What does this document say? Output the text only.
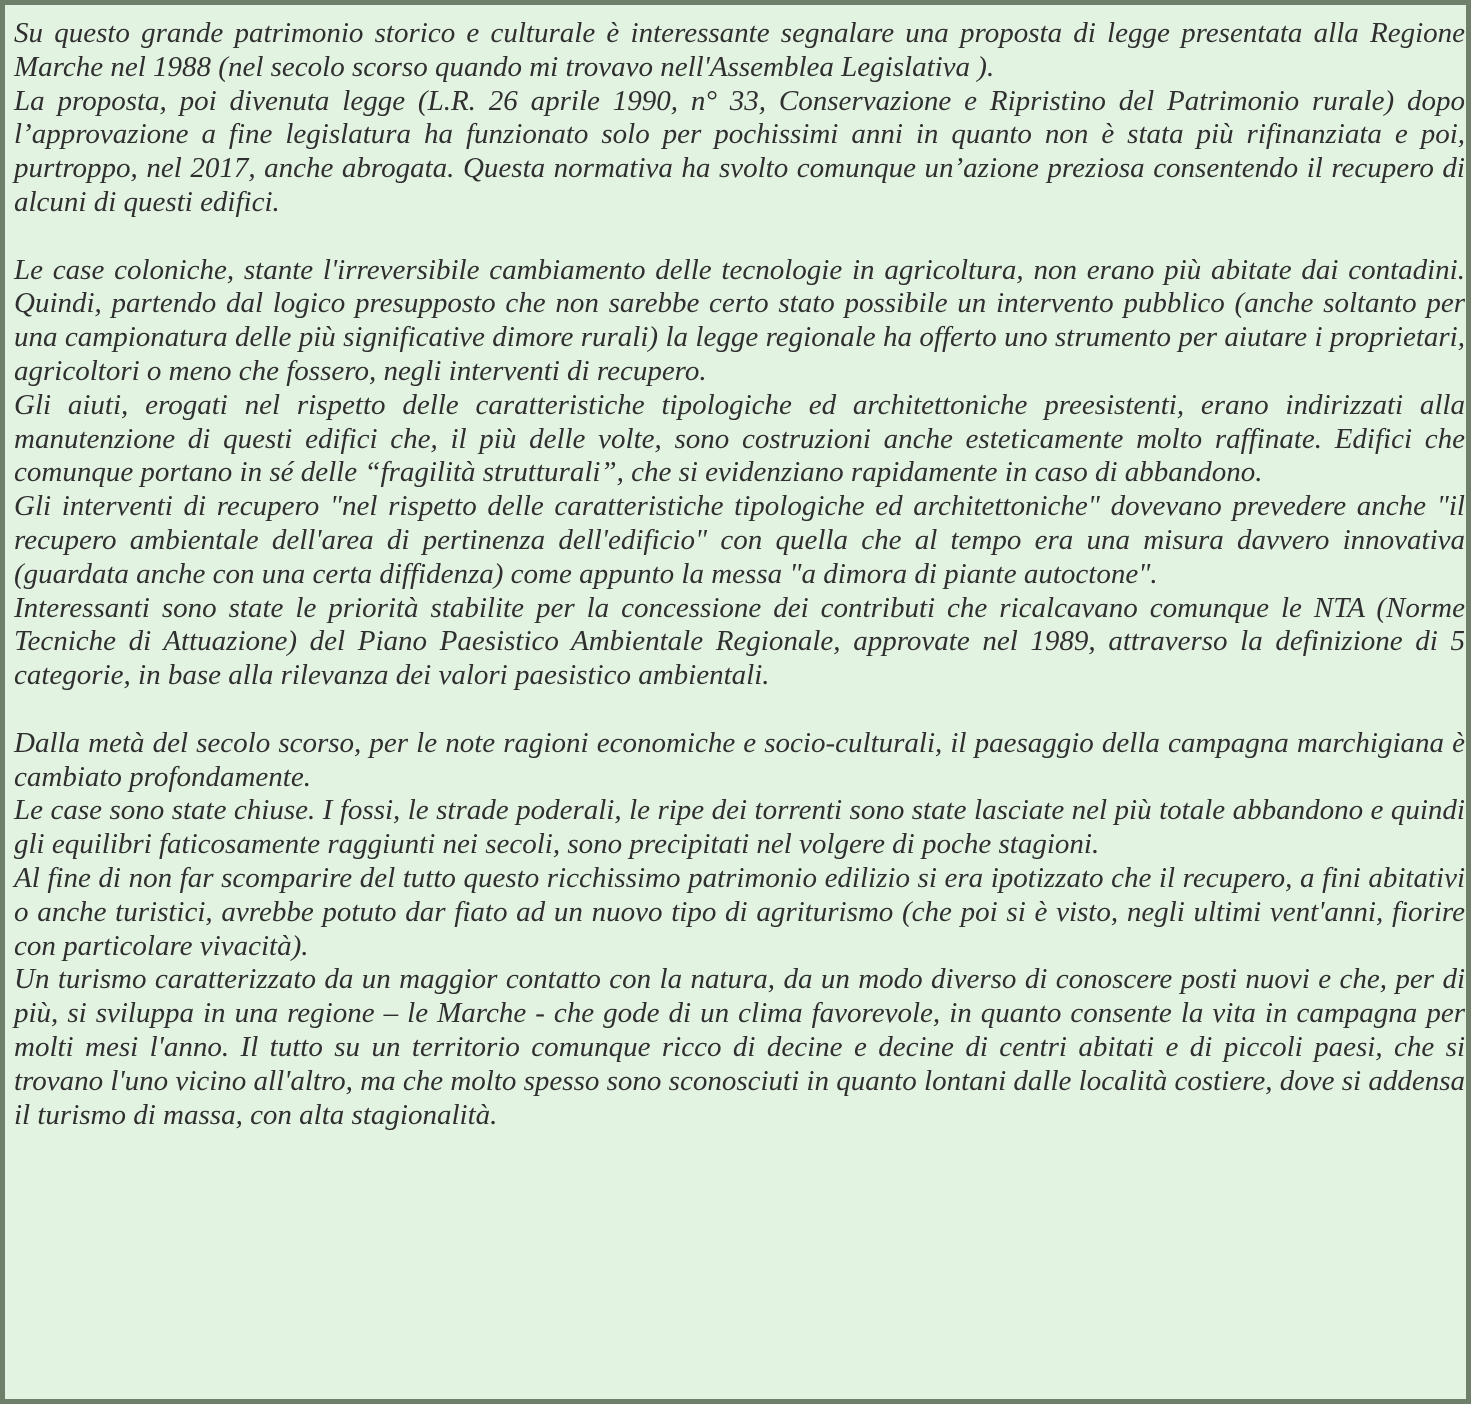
Su questo grande patrimonio storico e culturale è interessante segnalare una proposta di legge presentata alla Regione Marche nel 1988 (nel secolo scorso quando mi trovavo nell'Assemblea Legislativa ).

La proposta, poi divenuta legge (L.R. 26 aprile 1990, n° 33, Conservazione e Ripristino del Patrimonio rurale) dopo l’approvazione a fine legislatura ha funzionato solo per pochissimi anni in quanto non è stata più rifinanziata e poi, purtroppo, nel 2017, anche abrogata. Questa normativa ha svolto comunque un’azione preziosa consentendo il recupero di alcuni di questi edifici.

Le case coloniche, stante l'irreversibile cambiamento delle tecnologie in agricoltura, non erano più abitate dai contadini. Quindi, partendo dal logico presupposto che non sarebbe certo stato possibile un intervento pubblico (anche soltanto per una campionatura delle più significative dimore rurali) la legge regionale ha offerto uno strumento per aiutare i proprietari, agricoltori o meno che fossero, negli interventi di recupero.

Gli aiuti, erogati nel rispetto delle caratteristiche tipologiche ed architettoniche preesistenti, erano indirizzati alla manutenzione di questi edifici che, il più delle volte, sono costruzioni anche esteticamente molto raffinate. Edifici che comunque portano in sé delle “fragilità strutturali”, che si evidenziano rapidamente in caso di abbandono.

Gli interventi di recupero "nel rispetto delle caratteristiche tipologiche ed architettoniche" dovevano prevedere anche "il recupero ambientale dell'area di pertinenza dell'edificio" con quella che al tempo era una misura davvero innovativa (guardata anche con una certa diffidenza) come appunto la messa "a dimora di piante autoctone".

Interessanti sono state le priorità stabilite per la concessione dei contributi che ricalcavano comunque le NTA (Norme Tecniche di Attuazione) del Piano Paesistico Ambientale Regionale, approvate nel 1989, attraverso la definizione di 5 categorie, in base alla rilevanza dei valori paesistico ambientali.

Dalla metà del secolo scorso, per le note ragioni economiche e socio-culturali, il paesaggio della campagna marchigiana è cambiato profondamente.

Le case sono state chiuse. I fossi, le strade poderali, le ripe dei torrenti sono state lasciate nel più totale abbandono e quindi gli equilibri faticosamente raggiunti nei secoli, sono precipitati nel volgere di poche stagioni.

Al fine di non far scomparire del tutto questo ricchissimo patrimonio edilizio si era ipotizzato che il recupero, a fini abitativi o anche turistici, avrebbe potuto dar fiato ad un nuovo tipo di agriturismo (che poi si è visto, negli ultimi vent'anni, fiorire con particolare vivacità).

Un turismo caratterizzato da un maggior contatto con la natura, da un modo diverso di conoscere posti nuovi e che, per di più, si sviluppa in una regione – le Marche - che gode di un clima favorevole, in quanto consente la vita in campagna per molti mesi l'anno. Il tutto su un territorio comunque ricco di decine e decine di centri abitati e di piccoli paesi, che si trovano l'uno vicino all'altro, ma che molto spesso sono sconosciuti in quanto lontani dalle località costiere, dove si addensa il turismo di massa, con alta stagionalità.
